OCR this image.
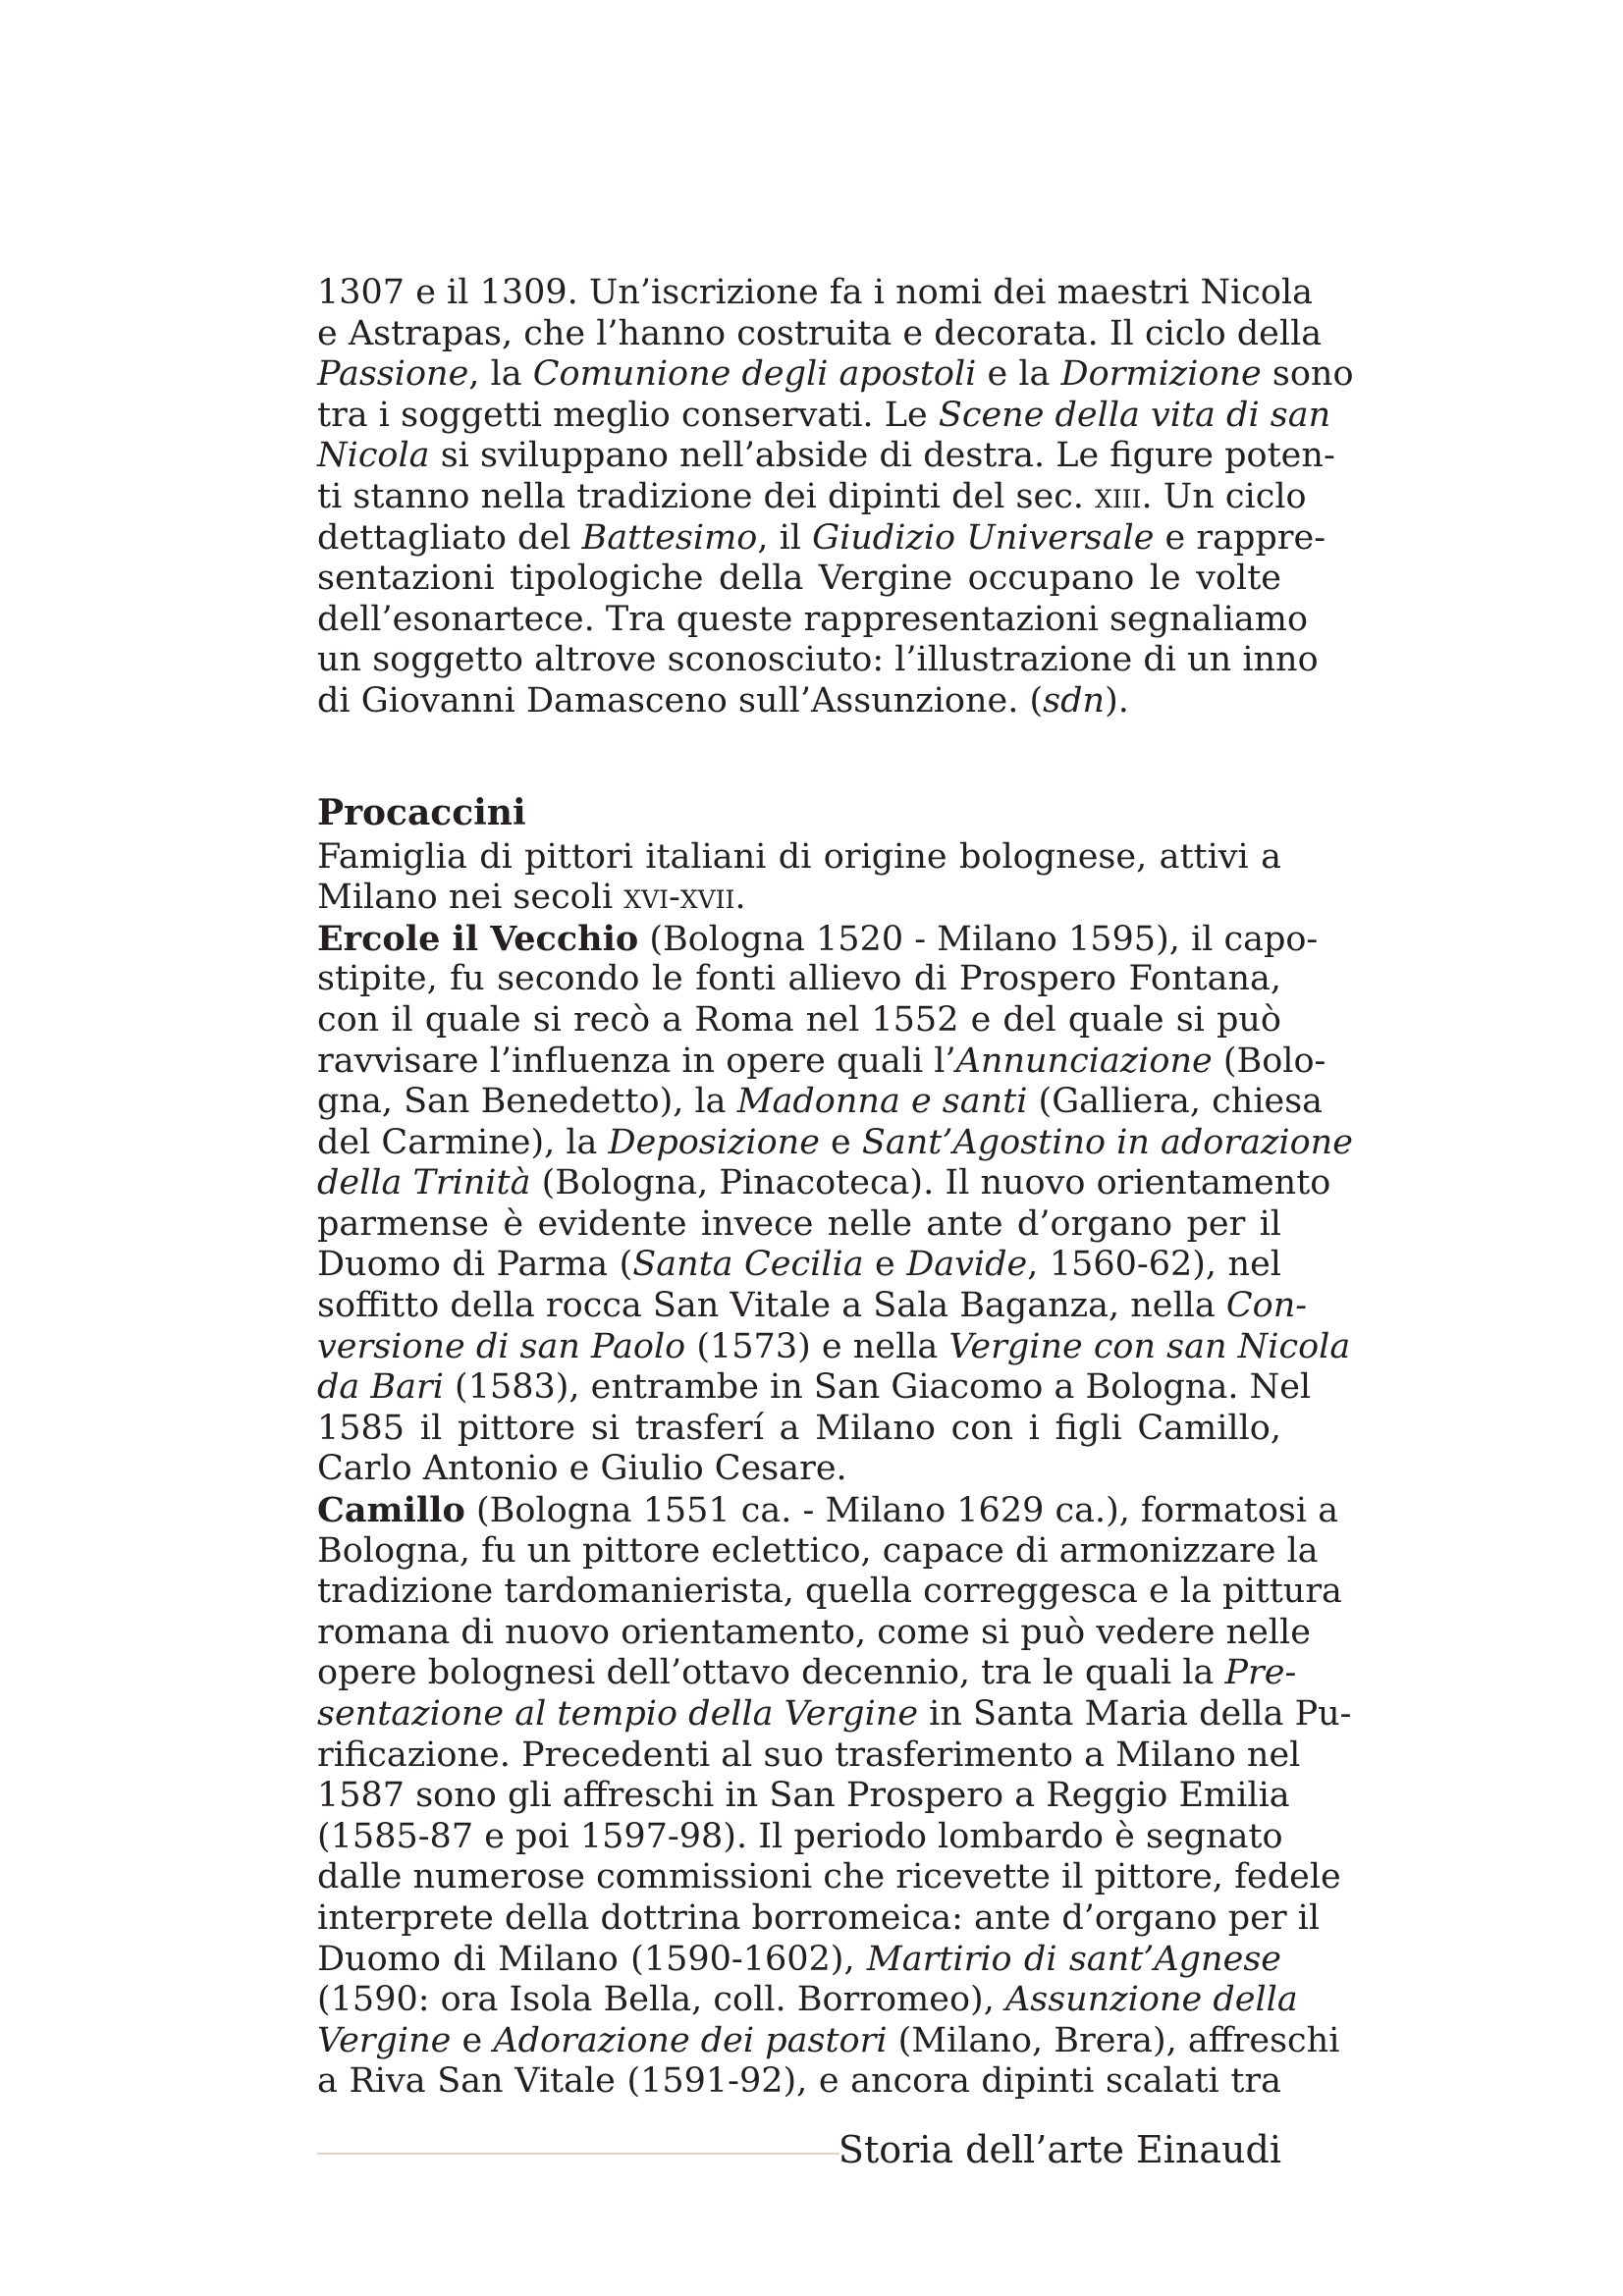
1307 e il 1309. Un’iscrizione fa i nomi dei maestri Nicola
e Astrapas, che l’hanno costruita e decorata. Il ciclo della
Passione, la Comunione degli apostoli e la Dormizione sono
tra i soggetti meglio conservati. Le Scene della vita di san
Nicola si sviluppano nell’abside di destra. Le figure poten-
ti stanno nella tradizione dei dipinti del sec. xiii. Un ciclo
dettagliato del Battesimo, il Giudizio Universale e rappre-
sentazioni tipologiche della Vergine occupano le volte
dell’esonartece. Tra queste rappresentazioni segnaliamo
un soggetto altrove sconosciuto: l’illustrazione di un inno
di Giovanni Damasceno sull’Assunzione. (sdn).
Procaccini
Famiglia di pittori italiani di origine bolognese, attivi a
Milano nei secoli xvi-xvii.
Ercole il Vecchio (Bologna 1520 - Milano 1595), il capo-
stipite, fu secondo le fonti allievo di Prospero Fontana,
con il quale si recò a Roma nel 1552 e del quale si può
ravvisare l’influenza in opere quali l’Annunciazione (Bolo-
gna, San Benedetto), la Madonna e santi (Galliera, chiesa
del Carmine), la Deposizione e Sant’Agostino in adorazione
della Trinità (Bologna, Pinacoteca). Il nuovo orientamento
parmense è evidente invece nelle ante d’organo per il
Duomo di Parma (Santa Cecilia e Davide, 1560-62), nel
soffitto della rocca San Vitale a Sala Baganza, nella Con-
versione di san Paolo (1573) e nella Vergine con san Nicola
da Bari (1583), entrambe in San Giacomo a Bologna. Nel
1585 il pittore si trasferí a Milano con i figli Camillo,
Carlo Antonio e Giulio Cesare.
Camillo (Bologna 1551 ca. - Milano 1629 ca.), formatosi a
Bologna, fu un pittore eclettico, capace di armonizzare la
tradizione tardomanierista, quella correggesca e la pittura
romana di nuovo orientamento, come si può vedere nelle
opere bolognesi dell’ottavo decennio, tra le quali la Pre-
sentazione al tempio della Vergine in Santa Maria della Pu-
rificazione. Precedenti al suo trasferimento a Milano nel
1587 sono gli affreschi in San Prospero a Reggio Emilia
(1585-87 e poi 1597-98). Il periodo lombardo è segnato
dalle numerose commissioni che ricevette il pittore, fedele
interprete della dottrina borromeica: ante d’organo per il
Duomo di Milano (1590-1602), Martirio di sant’Agnese
(1590: ora Isola Bella, coll. Borromeo), Assunzione della
Vergine e Adorazione dei pastori (Milano, Brera), affreschi
a Riva San Vitale (1591-92), e ancora dipinti scalati tra
Storia dell’arte Einaudi
